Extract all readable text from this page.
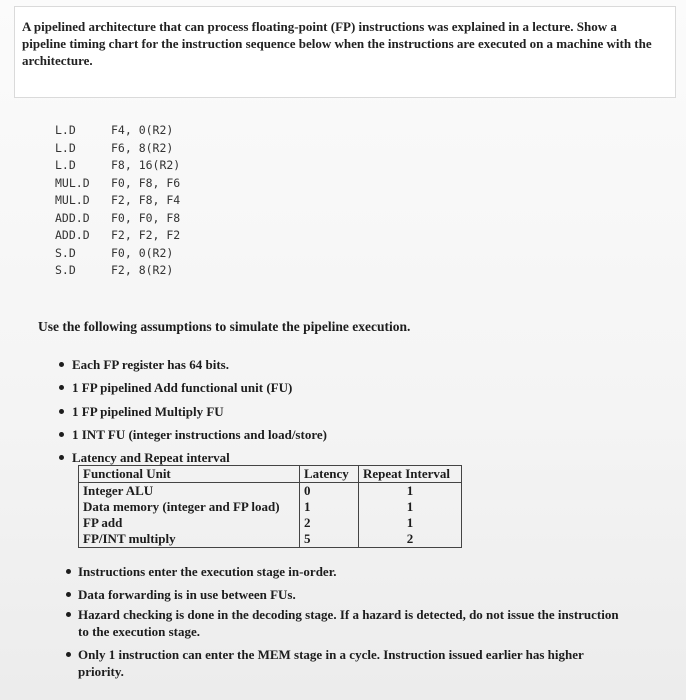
A pipelined architecture that can process floating-point (FP) instructions was explained in a lecture. Show a pipeline timing chart for the instruction sequence below when the instructions are executed on a machine with the architecture.
L.D	F4, 0(R2)
L.D	F6, 8(R2)
L.D	F8, 16(R2)
MUL.D F0, F8, F6
MUL.D F2, F8, F4
ADD.D F0, F0, F8
ADD.D F2, F2, F2
S.D	F0, 0(R2)
S.D	F2, 8(R2)
Use the following assumptions to simulate the pipeline execution.
Each FP register has 64 bits.
1 FP pipelined Add functional unit (FU)
1 FP pipelined Multiply FU
1 INT FU (integer instructions and load/store)
Latency and Repeat interval
Instructions enter the execution stage in-order.
Data forwarding is in use between FUs.
Hazard checking is done in the decoding stage. If a hazard is detected, do not issue the instruction
to the execution stage.
Only 1 instruction can enter the MEM stage in a cycle. Instruction issued earlier has higher
priority.
Functional Unit	Latency	Repeat Interval
Integer ALU	0	1
Data memory (integer and FP load)	1	1
FP add	2	1
FP/INT multiply	5	2
